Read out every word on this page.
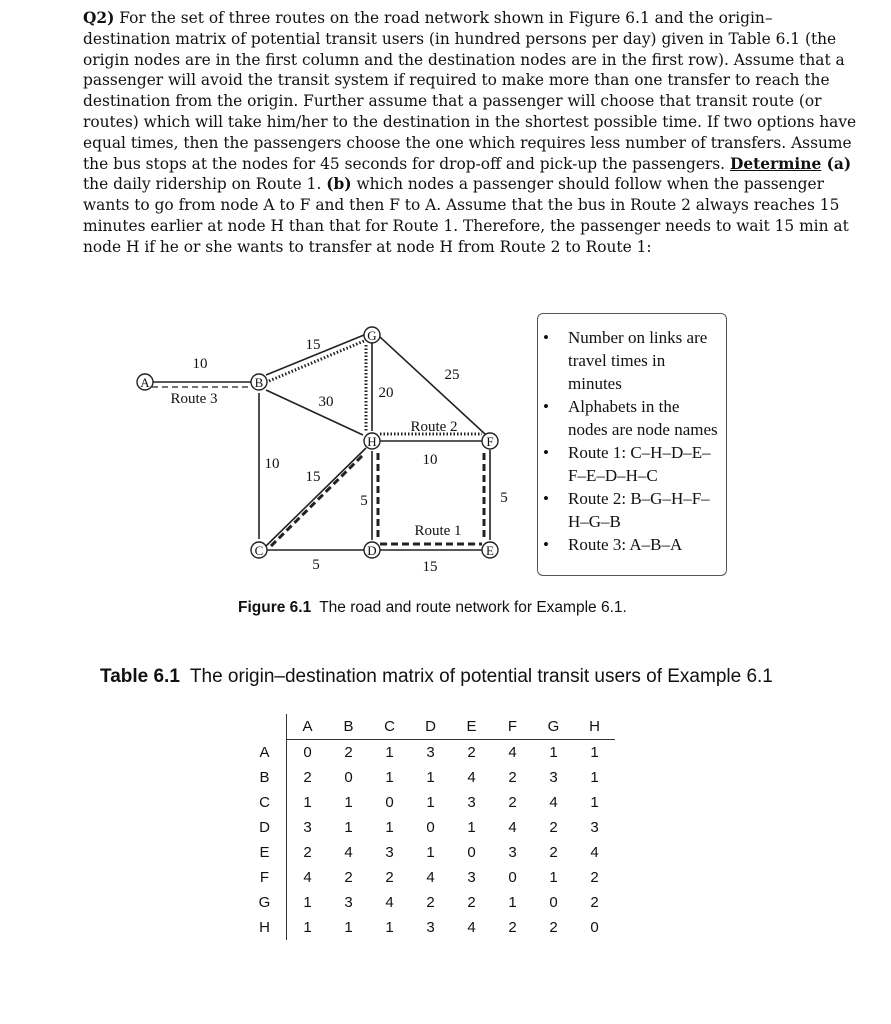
Q2) For the set of three routes on the road network shown in Figure 6.1 and the origin–destination matrix of potential transit users (in hundred persons per day) given in Table 6.1 (the origin nodes are in the first column and the destination nodes are in the first row). Assume that a passenger will avoid the transit system if required to make more than one transfer to reach the destination from the origin. Further assume that a passenger will choose that transit route (or routes) which will take him/her to the destination in the shortest possible time. If two options have equal times, then the passengers choose the one which requires less number of transfers. Assume the bus stops at the nodes for 45 seconds for drop-off and pick-up the passengers. Determine (a) the daily ridership on Route 1. (b) which nodes a passenger should follow when the passenger wants to go from node A to F and then F to A. Assume that the bus in Route 2 always reaches 15 minutes earlier at node H than that for Route 1. Therefore, the passenger needs to wait 15 min at node H if he or she wants to transfer at node H from Route 2 to Route 1:
A	B
C	D	E
F
G
H
10
15
30
10
20
25
10
15
5
5	15
5
Route 3
Route 2
Route 1
• Number on links are travel times in minutes
• Alphabets in the nodes are node names
• Route 1: C–H–D–E–F–E–D–H–C
• Route 2: B–G–H–F–H–G–B
• Route 3: A–B–A
Figure 6.1 The road and route network for Example 6.1.
Table 6.1 The origin–destination matrix of potential transit users of Example 6.1
	A	B	C	D	E	F	G	H
A	0	2	1	3	2	4	1	1
B	2	0	1	1	4	2	3	1
C	1	1	0	1	3	2	4	1
D	3	1	1	0	1	4	2	3
E	2	4	3	1	0	3	2	4
F	4	2	2	4	3	0	1	2
G	1	3	4	2	2	1	0	2
H	1	1	1	3	4	2	2	0
